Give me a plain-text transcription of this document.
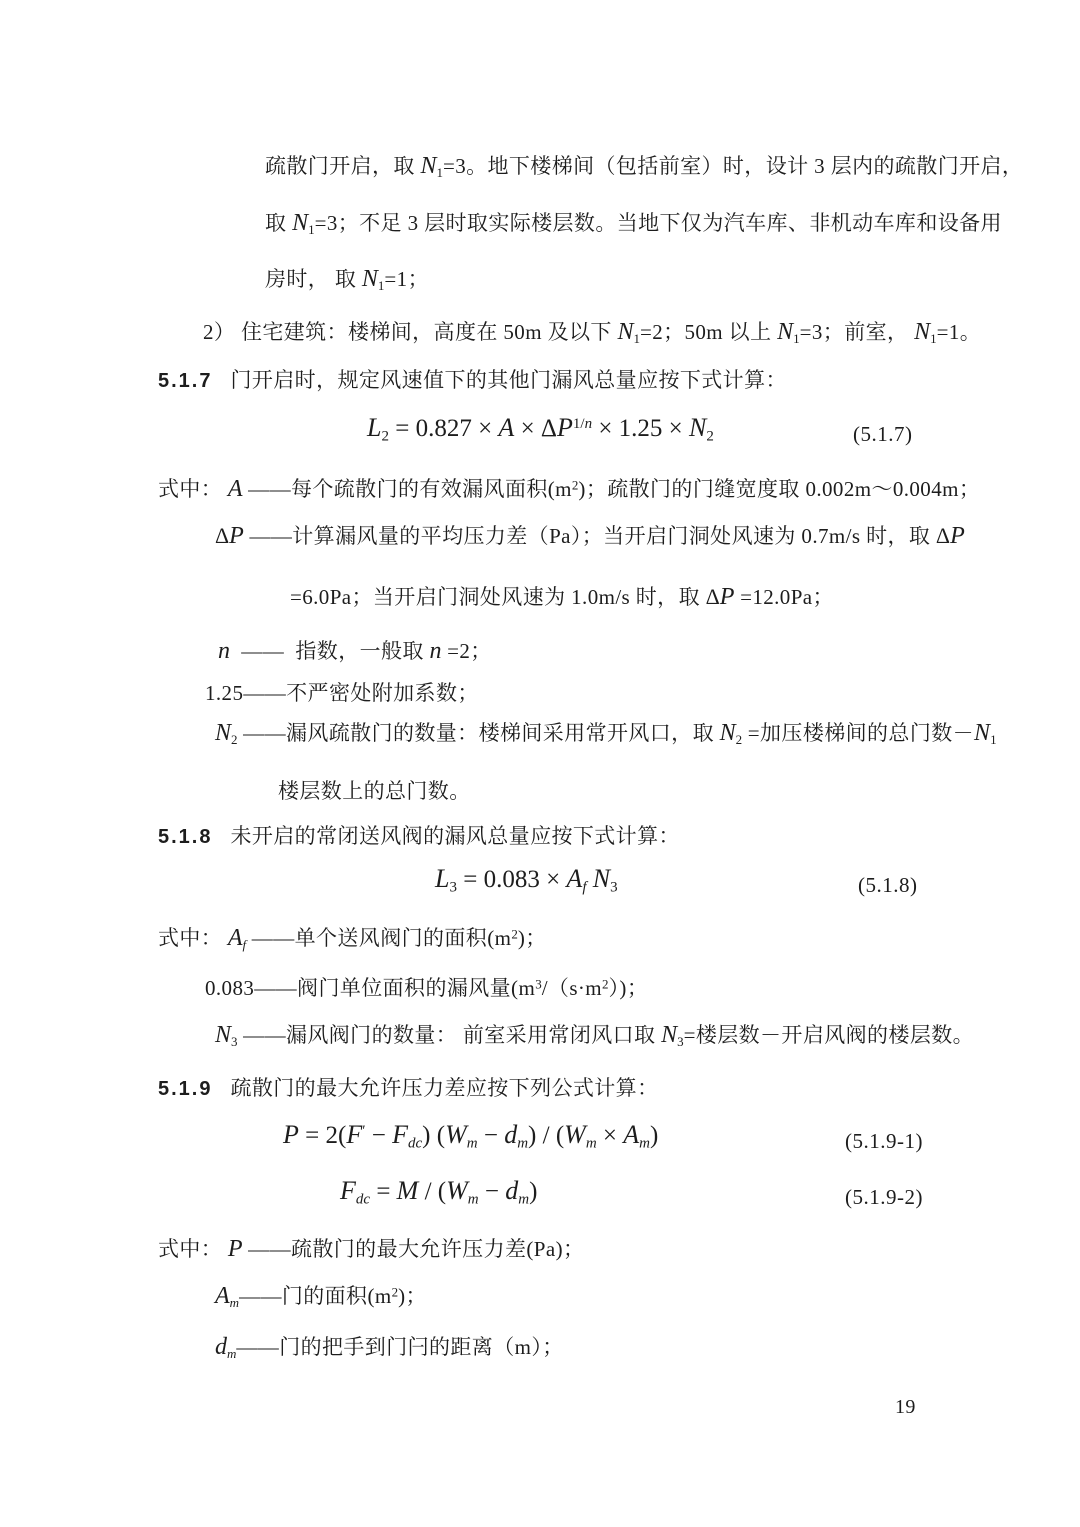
疏散门开启，取 $N_1=3$。地下楼梯间（包括前室）时，设计 3 层内的疏散门开启，
取 $N_1=3$；不足 3 层时取实际楼层数。当地下仅为汽车库、非机动车库和设备用
房时， 取 $N_1=1$；
2） 住宅建筑：楼梯间，高度在 50m 及以下 $N_1=2$；50m 以上 $N_1=3$；前室， $N_1=1$。
5.1.7 门开启时，规定风速值下的其他门漏风总量应按下式计算：
$L_2 = 0.827 \times A \times \Delta P^{1/n} \times 1.25 \times N_2$	(5.1.7)
式中： A ——每个疏散门的有效漏风面积$(m^2)$；疏散门的门缝宽度取 0.002m～0.004m；
ΔP ——计算漏风量的平均压力差（Pa）；当开启门洞处风速为 0.7m/s 时，取 ΔP
=6.0Pa；当开启门洞处风速为 1.0m/s 时，取 ΔP =12.0Pa；
n  ——  指数，一般取 n =2；
1.25——不严密处附加系数；
$N_2$ ——漏风疏散门的数量：楼梯间采用常开风口，取 $N_2$ =加压楼梯间的总门数$-N_1$
楼层数上的总门数。
5.1.8 未开启的常闭送风阀的漏风总量应按下式计算：
$L_3 = 0.083 \times A_f$ $N_3$	(5.1.8)
式中： $A_f$ ——单个送风阀门的面积$(m^2)$；
0.083——阀门单位面积的漏风量$(m^3/(s\cdot m^2))$；
$N_3$ ——漏风阀门的数量： 前室采用常闭风口取 $N_3=$楼层数－开启风阀的楼层数。
5.1.9 疏散门的最大允许压力差应按下列公式计算：
$P = 2(F' - F_{dc})$ $(W_m - d_m) / (W_m \times A_m)$	(5.1.9-1)
$F_{dc} = M / (W_m - d_m)$	(5.1.9-2)
式中： P ——疏散门的最大允许压力差(Pa)；
$A_m——$门的面积$(m^2)$；
$d_m——$门的把手到门闩的距离（m）；
19
